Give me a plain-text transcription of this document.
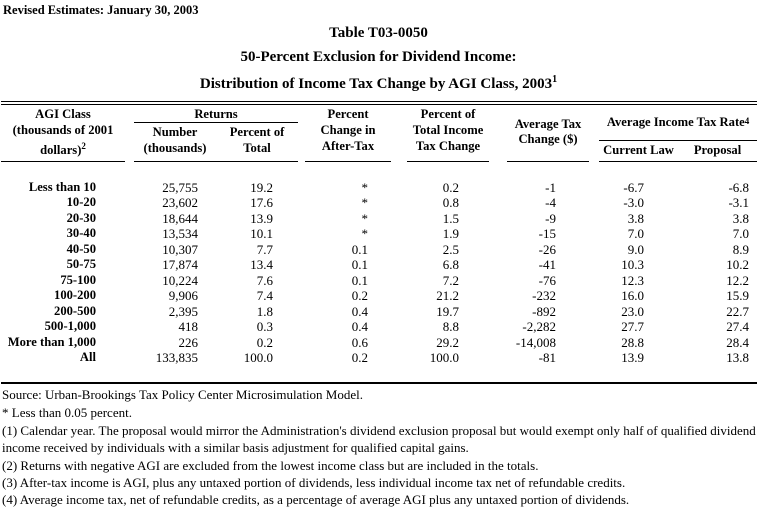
Revised Estimates: January 30, 2003
Table T03-0050
50-Percent Exclusion for Dividend Income:
Distribution of Income Tax Change by AGI Class, 2003$^1$
AGI Class
(thousands of 2001
dollars)$^2$

Returns
Number
(thousands)
Percent of
Total

Percent
Change in
After-Tax

Percent of
Total Income
Tax Change

Average Tax
Change ($)

Average Income Tax Rate 4
Current Law	Proposal

Less than 10		25,755	19.2		*		0.2		-1		-6.7	-6.8
10-20		23,602	17.6		*		0.8		-4		-3.0	-3.1
20-30		18,644	13.9		*		1.5		-9		3.8	3.8
30-40		13,534	10.1		*		1.9		-15		7.0	7.0
40-50		10,307	7.7		0.1		2.5		-26		9.0	8.9
50-75		17,874	13.4		0.1		6.8		-41		10.3	10.2
75-100		10,224	7.6		0.1		7.2		-76		12.3	12.2
100-200		9,906	7.4		0.2		21.2		-232		16.0	15.9
200-500		2,395	1.8		0.4		19.7		-892		23.0	22.7
500-1,000		418	0.3		0.4		8.8		-2,282		27.7	27.4
More than 1,000		226	0.2		0.6		29.2		-14,008		28.8	28.4
All		133,835	100.0		0.2		100.0		-81		13.9	13.8
Source: Urban-Brookings Tax Policy Center Microsimulation Model.
* Less than 0.05 percent.
(1) Calendar year. The proposal would mirror the Administration's dividend exclusion proposal but would exempt only half of qualified dividend income received by individuals with a similar basis adjustment for qualified capital gains.
(2) Returns with negative AGI are excluded from the lowest income class but are included in the totals.
(3) After-tax income is AGI, plus any untaxed portion of dividends, less individual income tax net of refundable credits.
(4) Average income tax, net of refundable credits, as a percentage of average AGI plus any untaxed portion of dividends.
